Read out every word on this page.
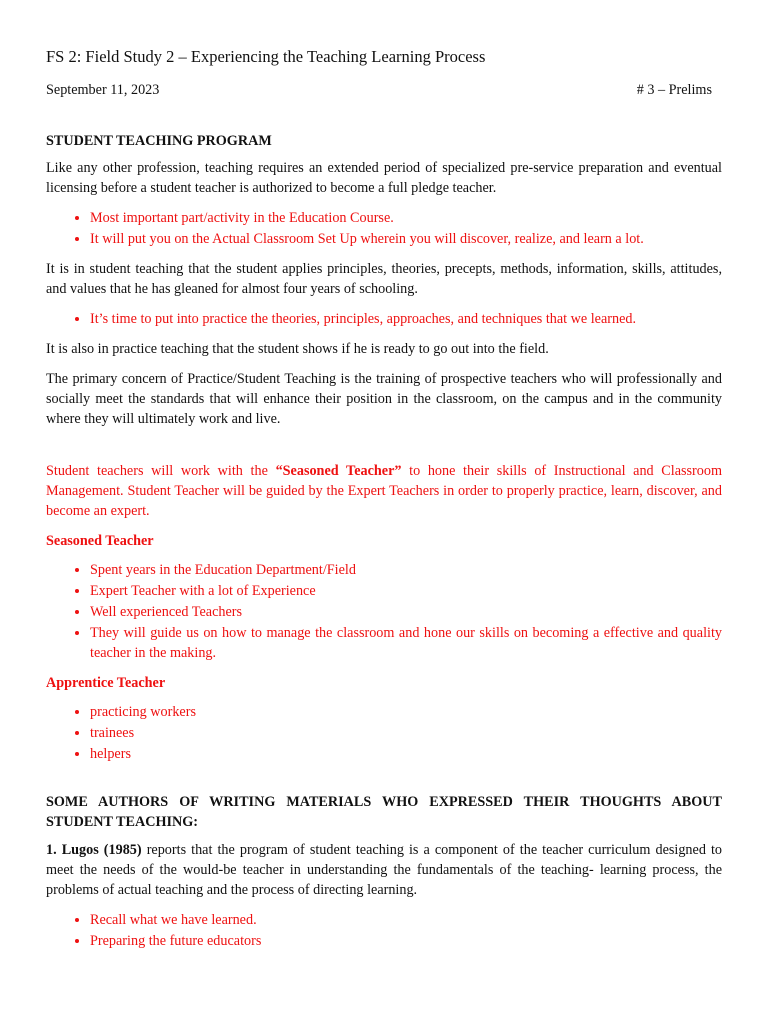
FS 2: Field Study 2 – Experiencing the Teaching Learning Process
September 11, 2023	# 3 – Prelims
STUDENT TEACHING PROGRAM

Like any other profession, teaching requires an extended period of specialized pre-service preparation and eventual licensing before a student teacher is authorized to become a full pledge teacher.

• Most important part/activity in the Education Course.
• It will put you on the Actual Classroom Set Up wherein you will discover, realize, and learn a lot.

It is in student teaching that the student applies principles, theories, precepts, methods, information, skills, attitudes, and values that he has gleaned for almost four years of schooling.

• It’s time to put into practice the theories, principles, approaches, and techniques that we learned.

It is also in practice teaching that the student shows if he is ready to go out into the field.

The primary concern of Practice/Student Teaching is the training of prospective teachers who will professionally and socially meet the standards that will enhance their position in the classroom, on the campus and in the community where they will ultimately work and live.

Student teachers will work with the “Seasoned Teacher” to hone their skills of Instructional and Classroom Management. Student Teacher will be guided by the Expert Teachers in order to properly practice, learn, discover, and become an expert.

Seasoned Teacher
• Spent years in the Education Department/Field
• Expert Teacher with a lot of Experience
• Well experienced Teachers
• They will guide us on how to manage the classroom and hone our skills on becoming a effective and quality teacher in the making.
Apprentice Teacher
• practicing workers
• trainees
• helpers

SOME AUTHORS OF WRITING MATERIALS WHO EXPRESSED THEIR THOUGHTS ABOUT STUDENT TEACHING:

1. Lugos (1985) reports that the program of student teaching is a component of the teacher curriculum designed to meet the needs of the would-be teacher in understanding the fundamentals of the teaching- learning process, the problems of actual teaching and the process of directing learning.

• Recall what we have learned.
• Preparing the future educators
